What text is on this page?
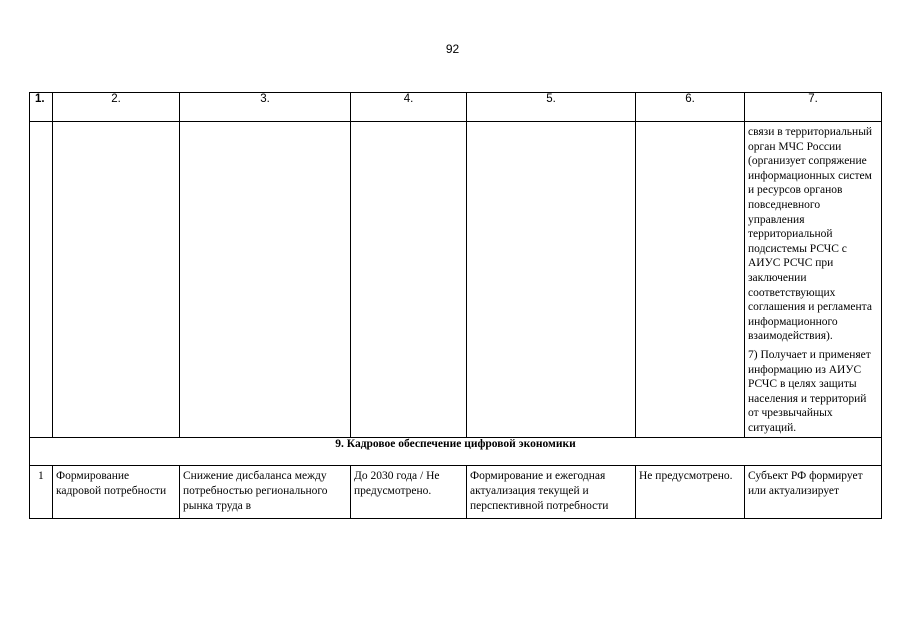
92
1.	2.	3.	4.	5.	6.	7.

						связи в территориальный орган МЧС России (организует сопряжение информационных систем и ресурсов органов повседневного управления территориальной подсистемы РСЧС с АИУС РСЧС при заключении соответствующих соглашения и регламента информационного взаимодействия).

7) Получает и применяет информацию из АИУС РСЧС в целях защиты населения и территорий от чрезвычайных ситуаций.

9. Кадровое обеспечение цифровой экономики						

1	Формирование кадровой потребности	Снижение дисбаланса между потребностью регионального рынка труда в	До 2030 года / Не предусмотрено.	Формирование и ежегодная актуализация текущей и перспективной потребности	Не предусмотрено.	Субъект РФ формирует или актуализирует
